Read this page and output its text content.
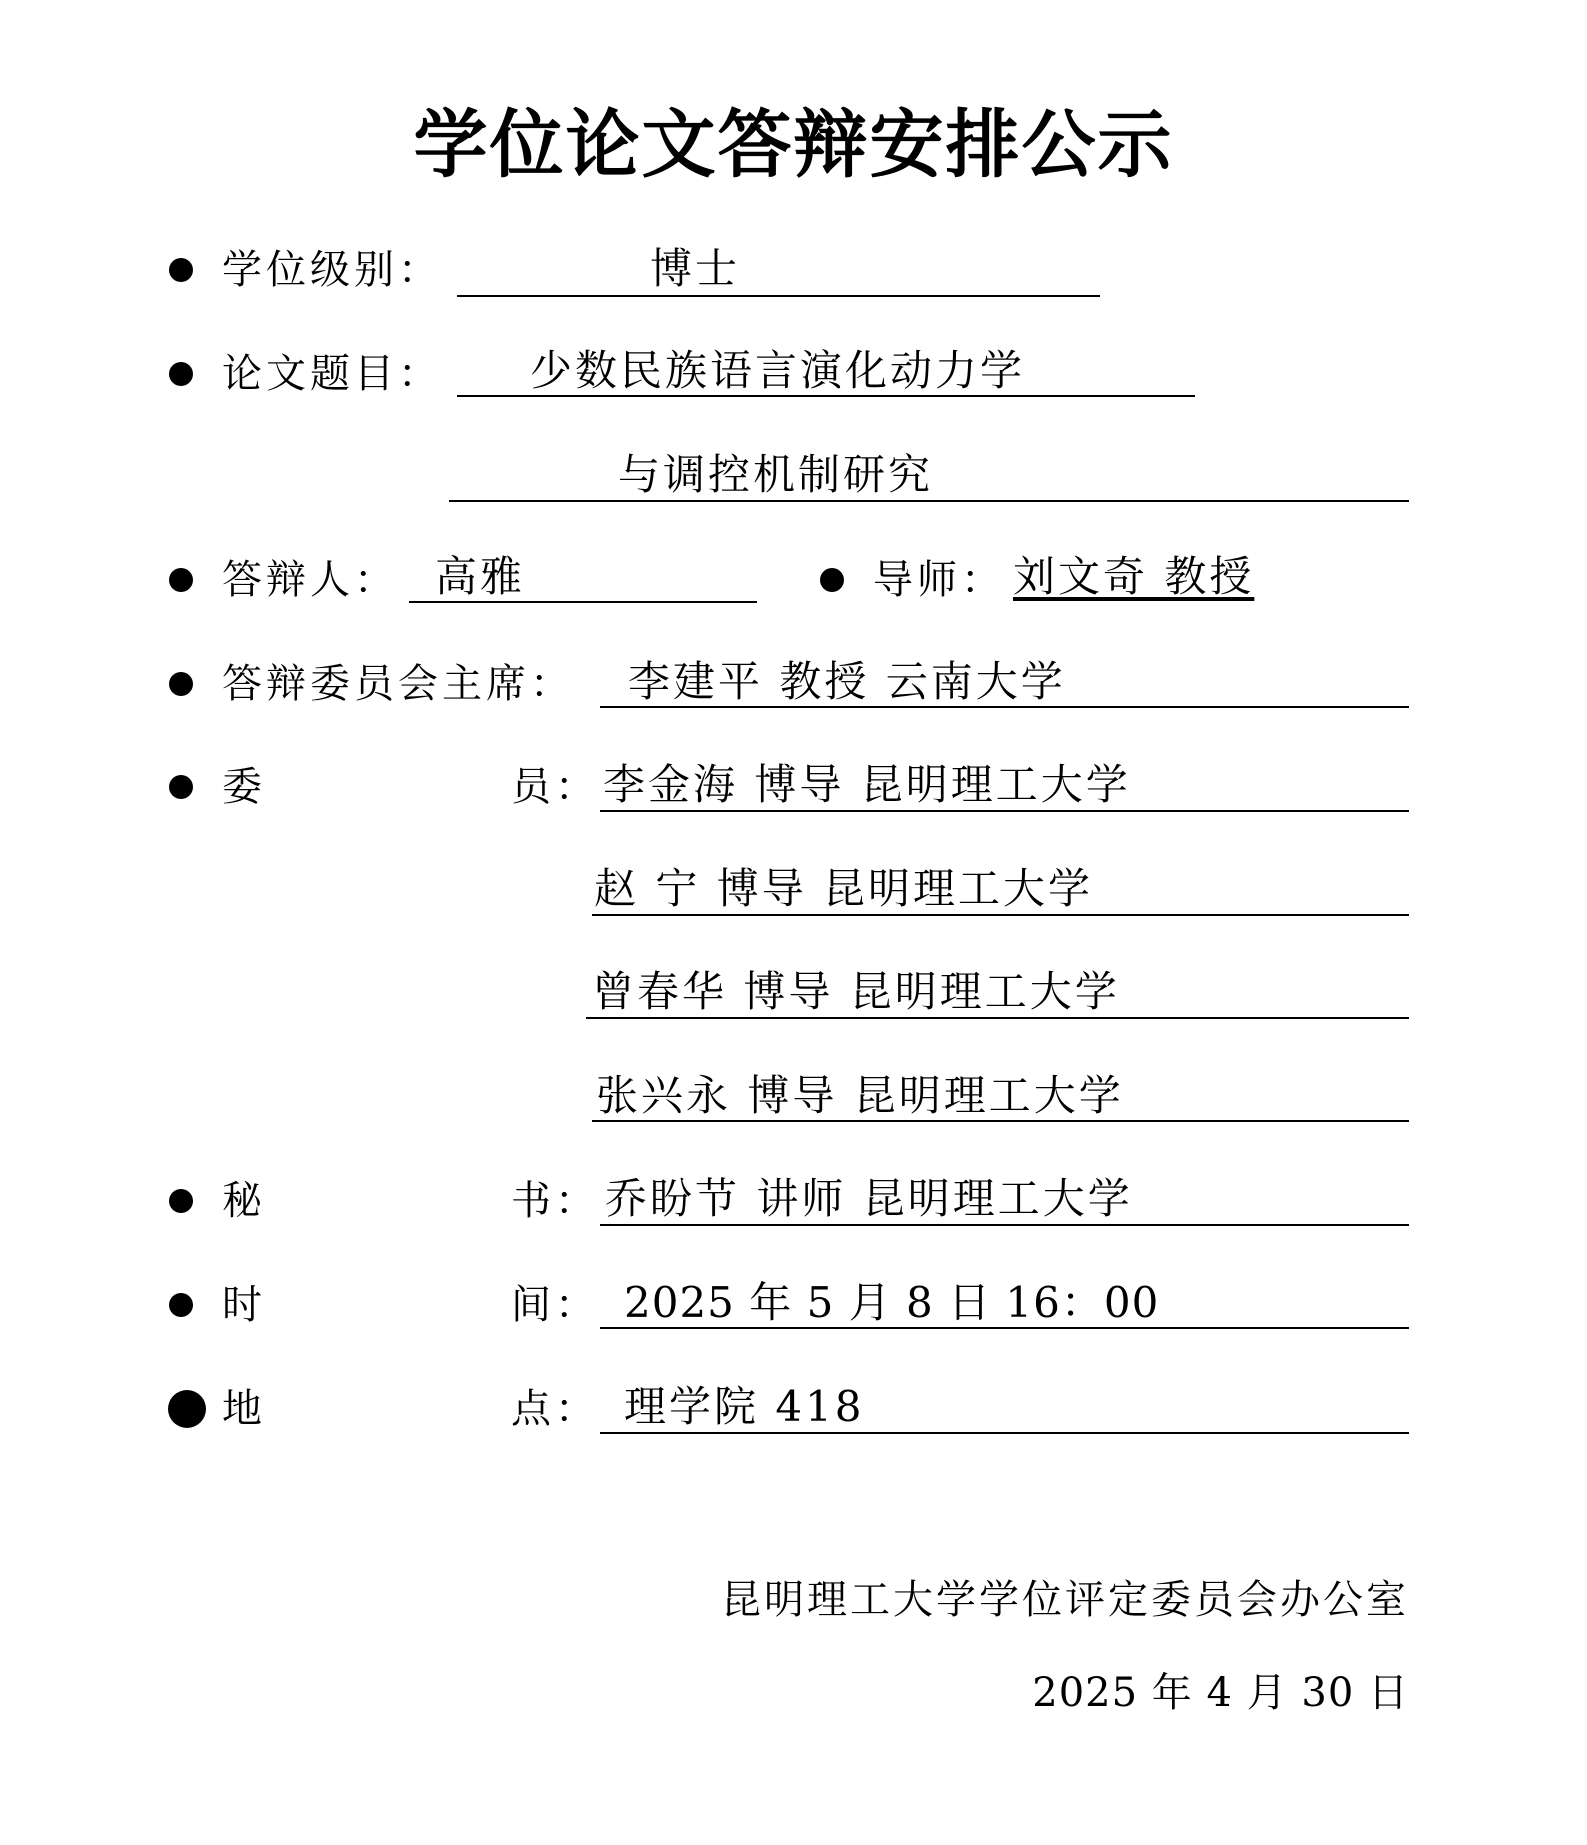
学位论文答辩安排公示
学位级别：	博士
论文题目： 少数民族语言演化动力学
与调控机制研究
答辩人： 高雅	导师： 刘文奇 教授
答辩委员会主席： 李建平 教授 云南大学
委	员： 李金海 博导 昆明理工大学
赵 宁 博导 昆明理工大学
曾春华 博导 昆明理工大学
张兴永 博导 昆明理工大学
秘	书： 乔盼节 讲师 昆明理工大学
时	间： 2025 年 5 月 8 日 16：00
地	点： 理学院 418
昆明理工大学学位评定委员会办公室
2025 年 4 月 30 日
